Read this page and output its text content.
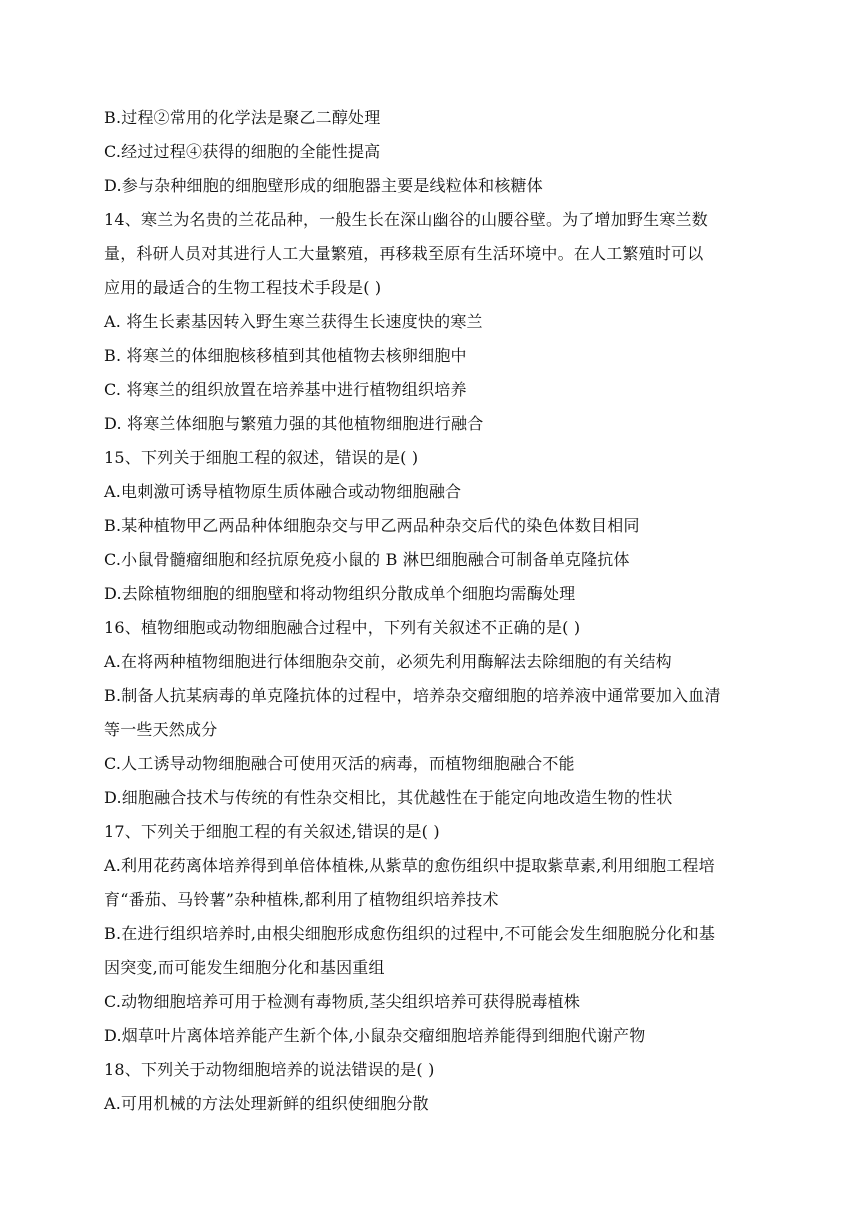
B.过程②常用的化学法是聚乙二醇处理
C.经过过程④获得的细胞的全能性提高
D.参与杂种细胞的细胞壁形成的细胞器主要是线粒体和核糖体
14、寒兰为名贵的兰花品种，一般生长在深山幽谷的山腰谷壁。为了增加野生寒兰数
量，科研人员对其进行人工大量繁殖，再移栽至原有生活环境中。在人工繁殖时可以
应用的最适合的生物工程技术手段是( )
A. 将生长素基因转入野生寒兰获得生长速度快的寒兰
B. 将寒兰的体细胞核移植到其他植物去核卵细胞中
C. 将寒兰的组织放置在培养基中进行植物组织培养
D. 将寒兰体细胞与繁殖力强的其他植物细胞进行融合
15、下列关于细胞工程的叙述，错误的是( )
A.电刺激可诱导植物原生质体融合或动物细胞融合
B.某种植物甲乙两品种体细胞杂交与甲乙两品种杂交后代的染色体数目相同
C.小鼠骨髓瘤细胞和经抗原免疫小鼠的 B 淋巴细胞融合可制备单克隆抗体
D.去除植物细胞的细胞壁和将动物组织分散成单个细胞均需酶处理
16、植物细胞或动物细胞融合过程中，下列有关叙述不正确的是( )
A.在将两种植物细胞进行体细胞杂交前，必须先利用酶解法去除细胞的有关结构
B.制备人抗某病毒的单克隆抗体的过程中，培养杂交瘤细胞的培养液中通常要加入血清
等一些天然成分
C.人工诱导动物细胞融合可使用灭活的病毒，而植物细胞融合不能
D.细胞融合技术与传统的有性杂交相比，其优越性在于能定向地改造生物的性状
17、下列关于细胞工程的有关叙述,错误的是( )
A.利用花药离体培养得到单倍体植株,从紫草的愈伤组织中提取紫草素,利用细胞工程培
育“番茄、马铃薯”杂种植株,都利用了植物组织培养技术
B.在进行组织培养时,由根尖细胞形成愈伤组织的过程中,不可能会发生细胞脱分化和基
因突变,而可能发生细胞分化和基因重组
C.动物细胞培养可用于检测有毒物质,茎尖组织培养可获得脱毒植株
D.烟草叶片离体培养能产生新个体,小鼠杂交瘤细胞培养能得到细胞代谢产物
18、下列关于动物细胞培养的说法错误的是( )
A.可用机械的方法处理新鲜的组织使细胞分散
